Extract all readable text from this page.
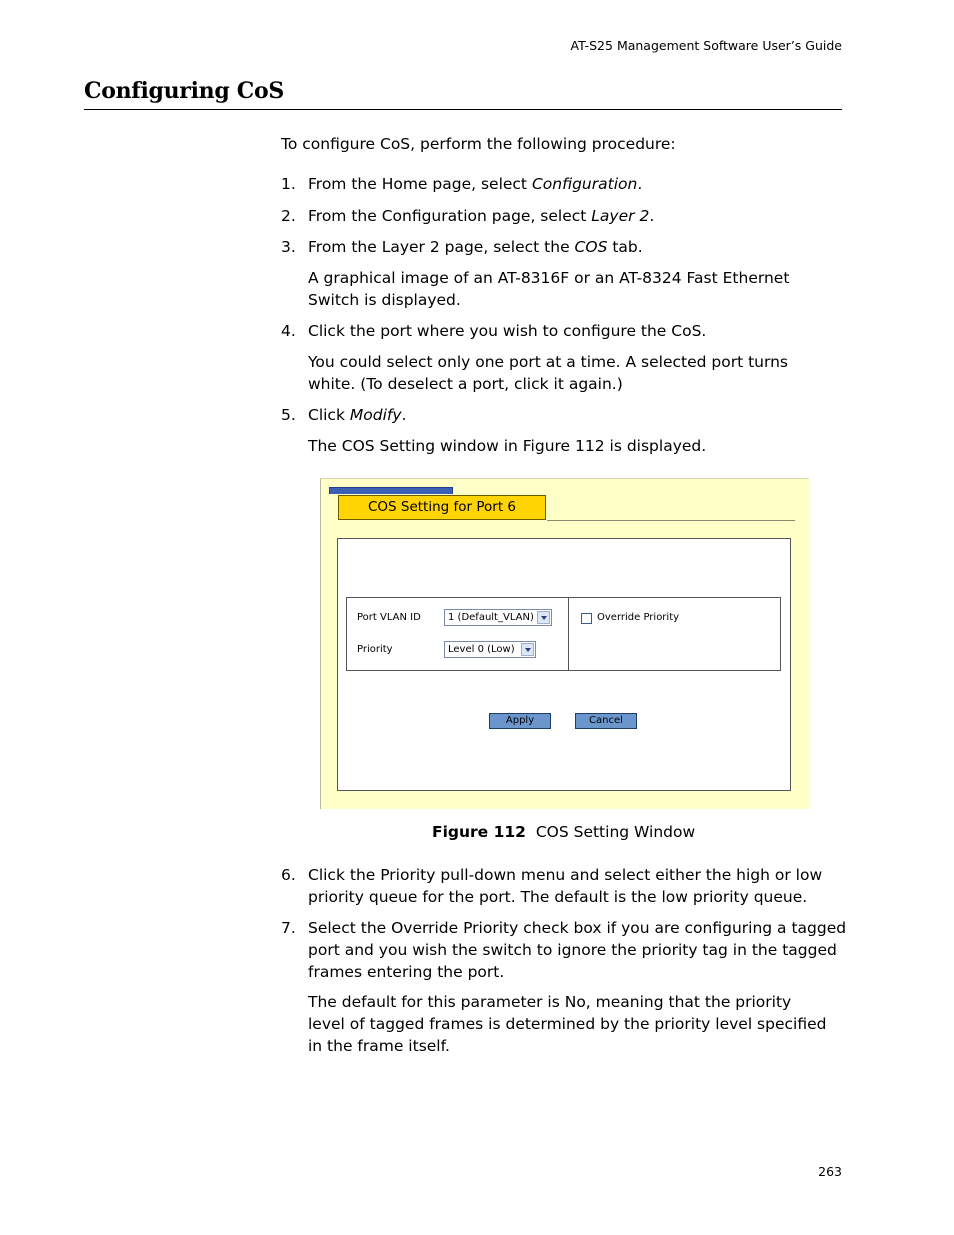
AT-S25 Management Software User’s Guide
Configuring CoS
To configure CoS, perform the following procedure:
1. From the Home page, select Configuration.
2. From the Configuration page, select Layer 2.
3. From the Layer 2 page, select the COS tab.
A graphical image of an AT-8316F or an AT-8324 Fast Ethernet
Switch is displayed.
4. Click the port where you wish to configure the CoS.
You could select only one port at a time. A selected port turns
white. (To deselect a port, click it again.)
5. Click Modify.
The COS Setting window in Figure 112 is displayed.
COS Setting for Port 6
Port VLAN ID	1 (Default_VLAN)
Priority	Level 0 (Low)
Override Priority
Apply	Cancel
Figure 112 COS Setting Window
6. Click the Priority pull-down menu and select either the high or low
priority queue for the port. The default is the low priority queue.
7. Select the Override Priority check box if you are configuring a tagged
port and you wish the switch to ignore the priority tag in the tagged
frames entering the port.
The default for this parameter is No, meaning that the priority
level of tagged frames is determined by the priority level specified
in the frame itself.
263
